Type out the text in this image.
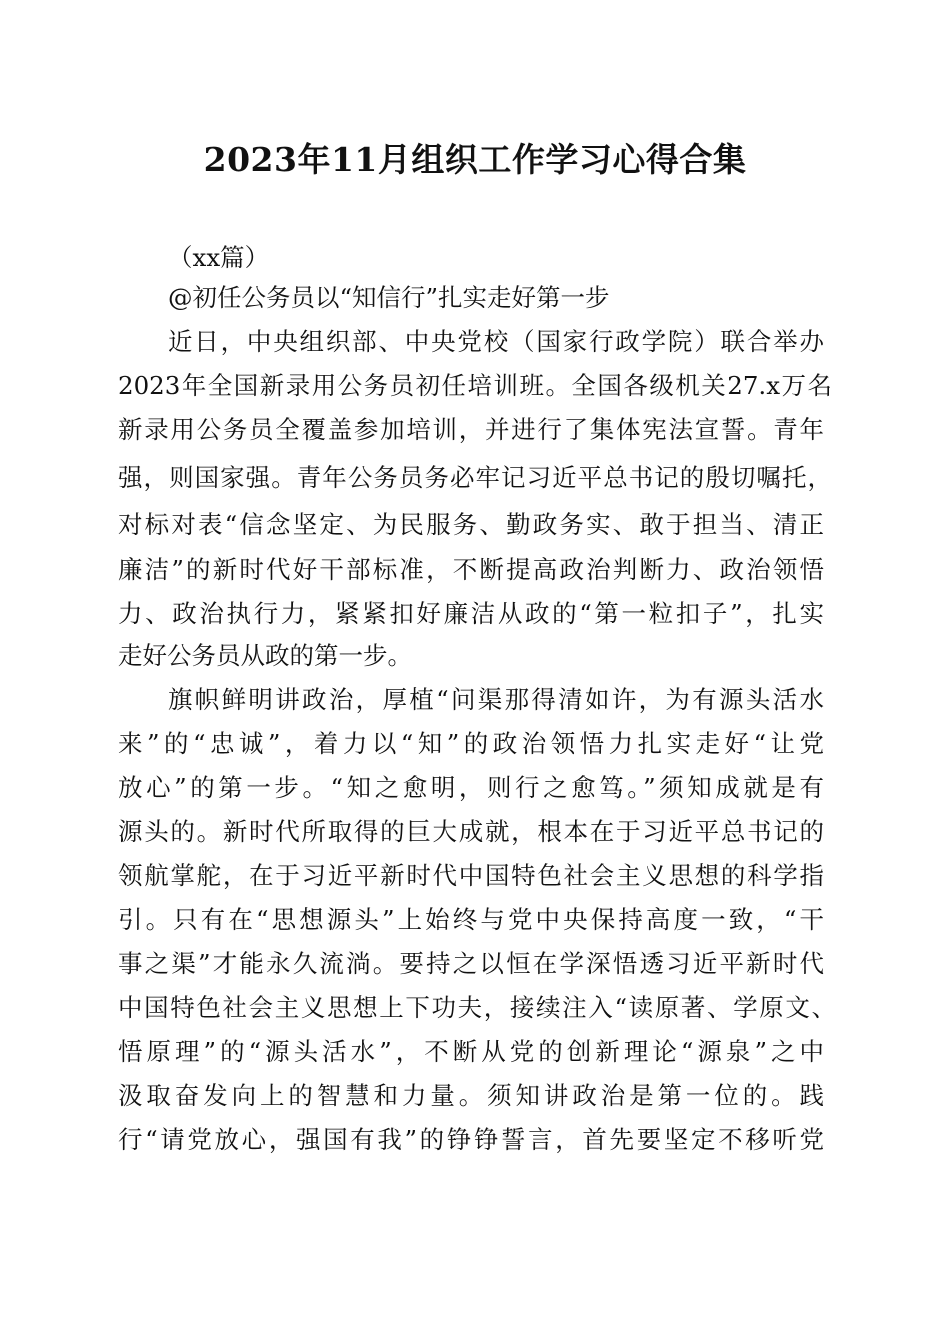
2023年11月组织工作学习心得合集
（xx篇）
@初任公务员以“知信行”扎实走好第一步
近日，中央组织部、中央党校（国家行政学院）联合举办
2023年全国新录用公务员初任培训班。全国各级机关27.x万名
新录用公务员全覆盖参加培训，并进行了集体宪法宣誓。青年
强，则国家强。青年公务员务必牢记习近平总书记的殷切嘱托，
对标对表“信念坚定、为民服务、勤政务实、敢于担当、清正
廉洁”的新时代好干部标准，不断提高政治判断力、政治领悟
力、政治执行力，紧紧扣好廉洁从政的“第一粒扣子”，扎实
走好公务员从政的第一步。
旗帜鲜明讲政治，厚植“问渠那得清如许，为有源头活水
来”的“忠诚”，着力以“知”的政治领悟力扎实走好“让党
放心”的第一步。“知之愈明，则行之愈笃。”须知成就是有
源头的。新时代所取得的巨大成就，根本在于习近平总书记的
领航掌舵，在于习近平新时代中国特色社会主义思想的科学指
引。只有在“思想源头”上始终与党中央保持高度一致，“干
事之渠”才能永久流淌。要持之以恒在学深悟透习近平新时代
中国特色社会主义思想上下功夫，接续注入“读原著、学原文、
悟原理”的“源头活水”，不断从党的创新理论“源泉”之中
汲取奋发向上的智慧和力量。须知讲政治是第一位的。践
行“请党放心，强国有我”的铮铮誓言，首先要坚定不移听党
